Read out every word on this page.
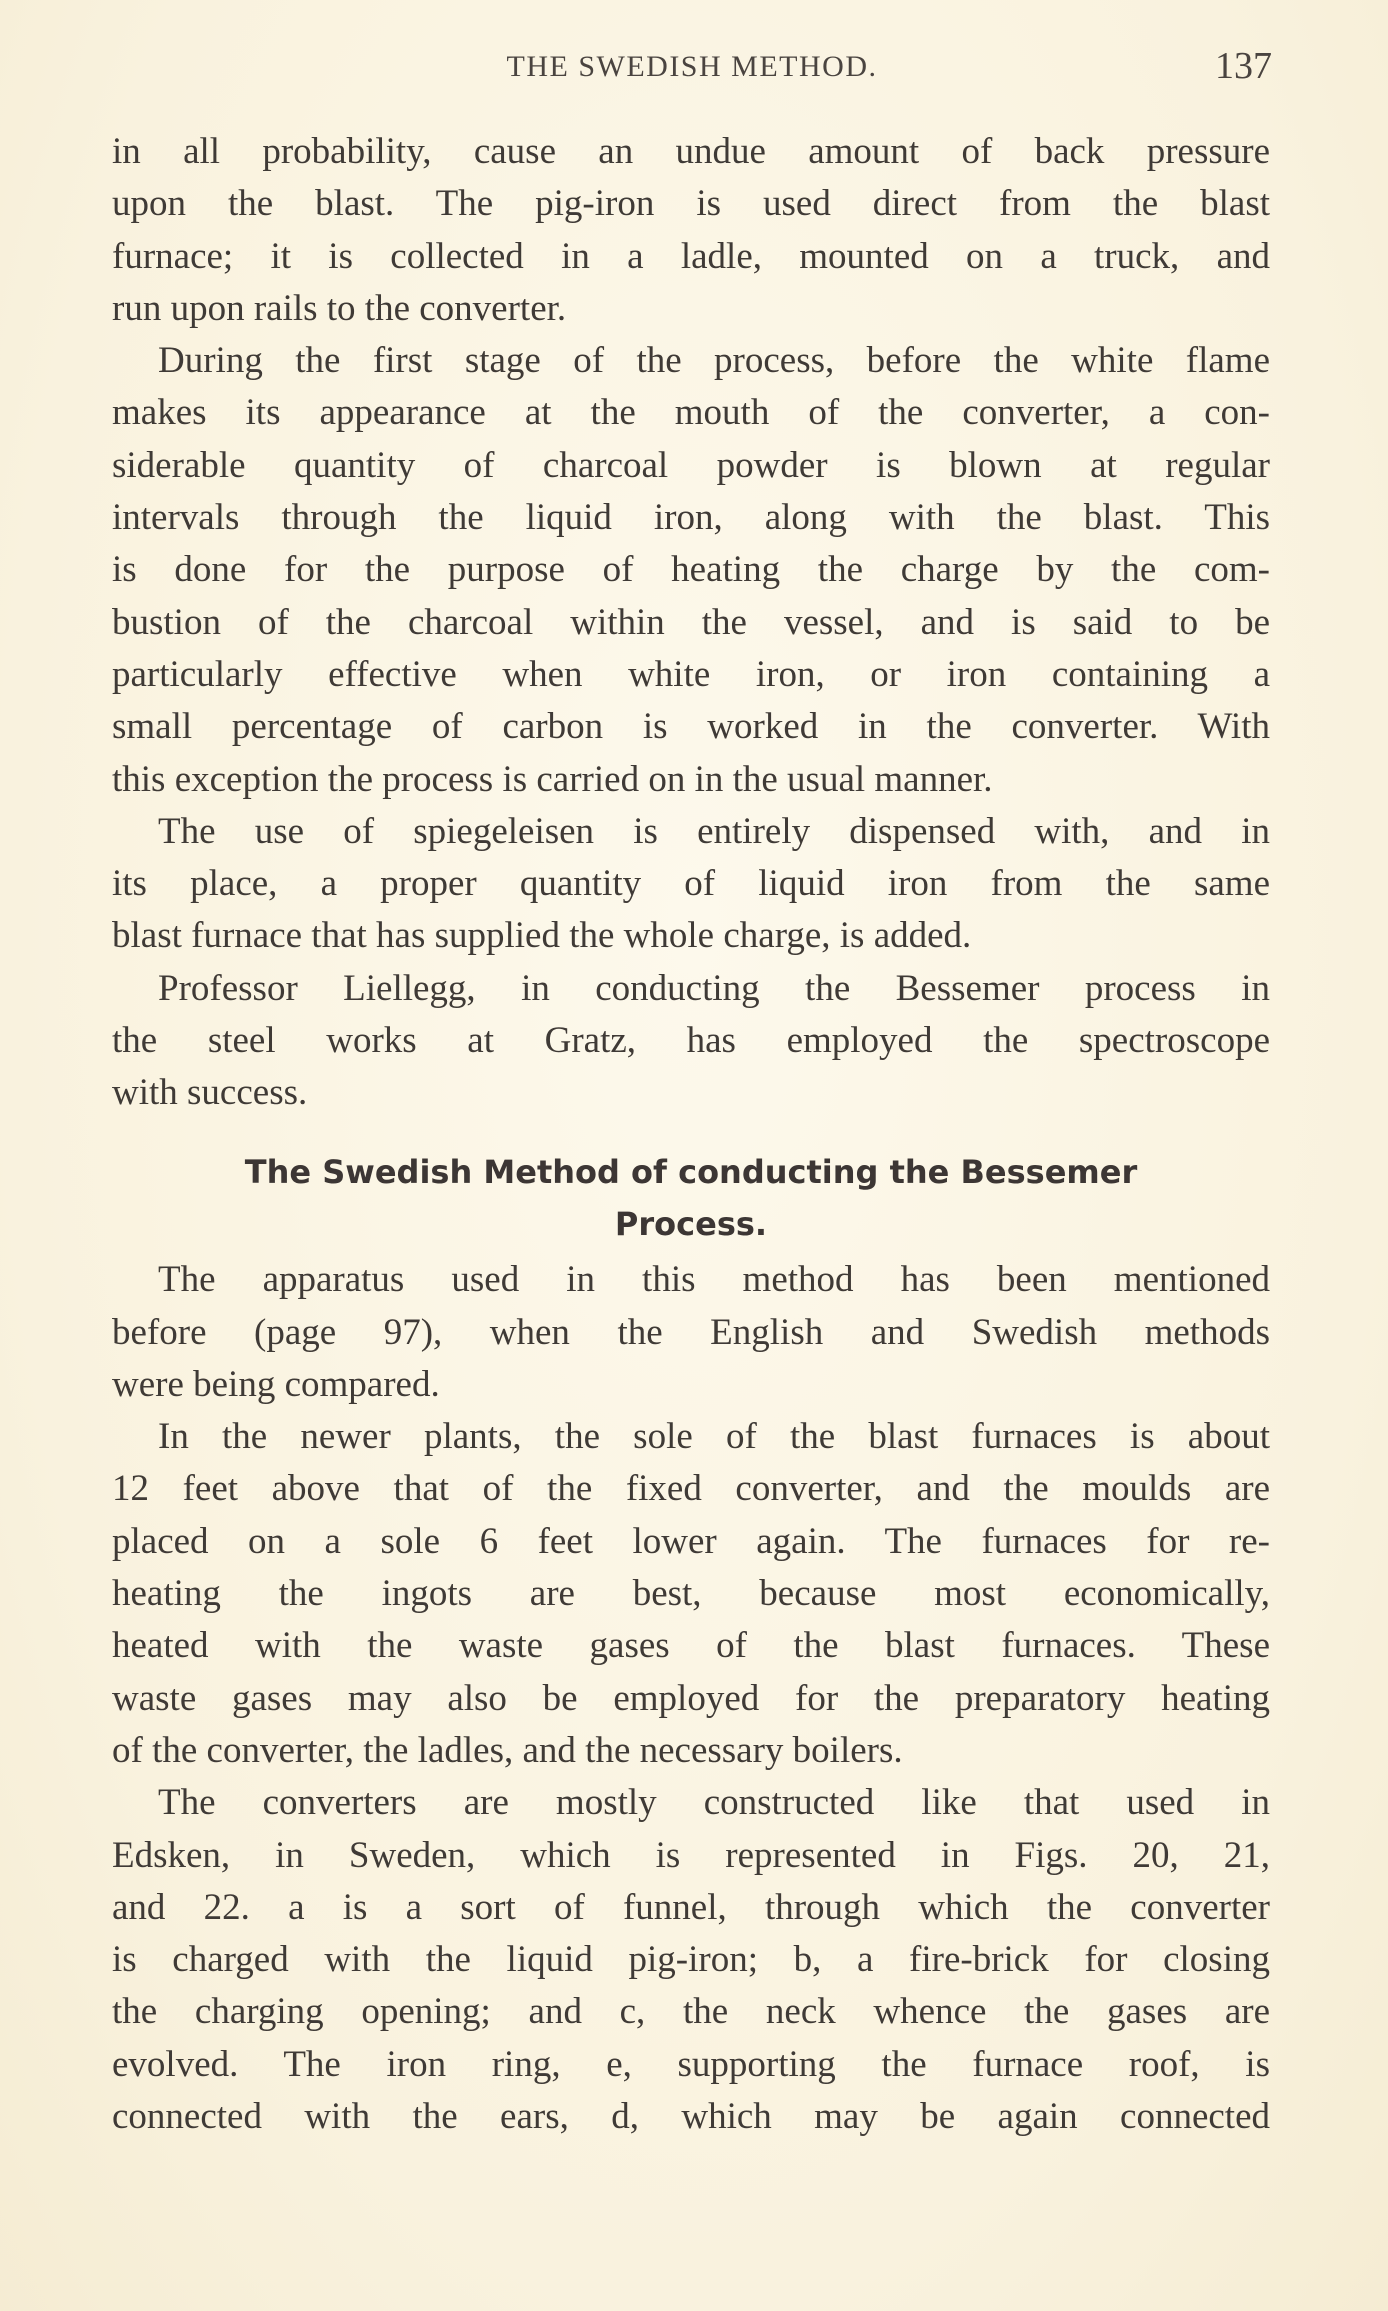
THE SWEDISH METHOD.	137
in all probability, cause an undue amount of back pressure
upon the blast. The pig-iron is used direct from the blast
furnace; it is collected in a ladle, mounted on a truck, and
run upon rails to the converter.
During the first stage of the process, before the white flame
makes its appearance at the mouth of the converter, a con-
siderable quantity of charcoal powder is blown at regular
intervals through the liquid iron, along with the blast. This
is done for the purpose of heating the charge by the com-
bustion of the charcoal within the vessel, and is said to be
particularly effective when white iron, or iron containing a
small percentage of carbon is worked in the converter. With
this exception the process is carried on in the usual manner.
The use of spiegeleisen is entirely dispensed with, and in
its place, a proper quantity of liquid iron from the same
blast furnace that has supplied the whole charge, is added.
Professor Liellegg, in conducting the Bessemer process in
the steel works at Gratz, has employed the spectroscope
with success.
The Swedish Method of conducting the Bessemer
Process.
The apparatus used in this method has been mentioned
before (page 97), when the English and Swedish methods
were being compared.
In the newer plants, the sole of the blast furnaces is about
12 feet above that of the fixed converter, and the moulds are
placed on a sole 6 feet lower again. The furnaces for re-
heating the ingots are best, because most economically,
heated with the waste gases of the blast furnaces. These
waste gases may also be employed for the preparatory heating
of the converter, the ladles, and the necessary boilers.
The converters are mostly constructed like that used in
Edsken, in Sweden, which is represented in Figs. 20, 21,
and 22. a is a sort of funnel, through which the converter
is charged with the liquid pig-iron; b, a fire-brick for closing
the charging opening; and c, the neck whence the gases are
evolved. The iron ring, e, supporting the furnace roof, is
connected with the ears, d, which may be again connected
